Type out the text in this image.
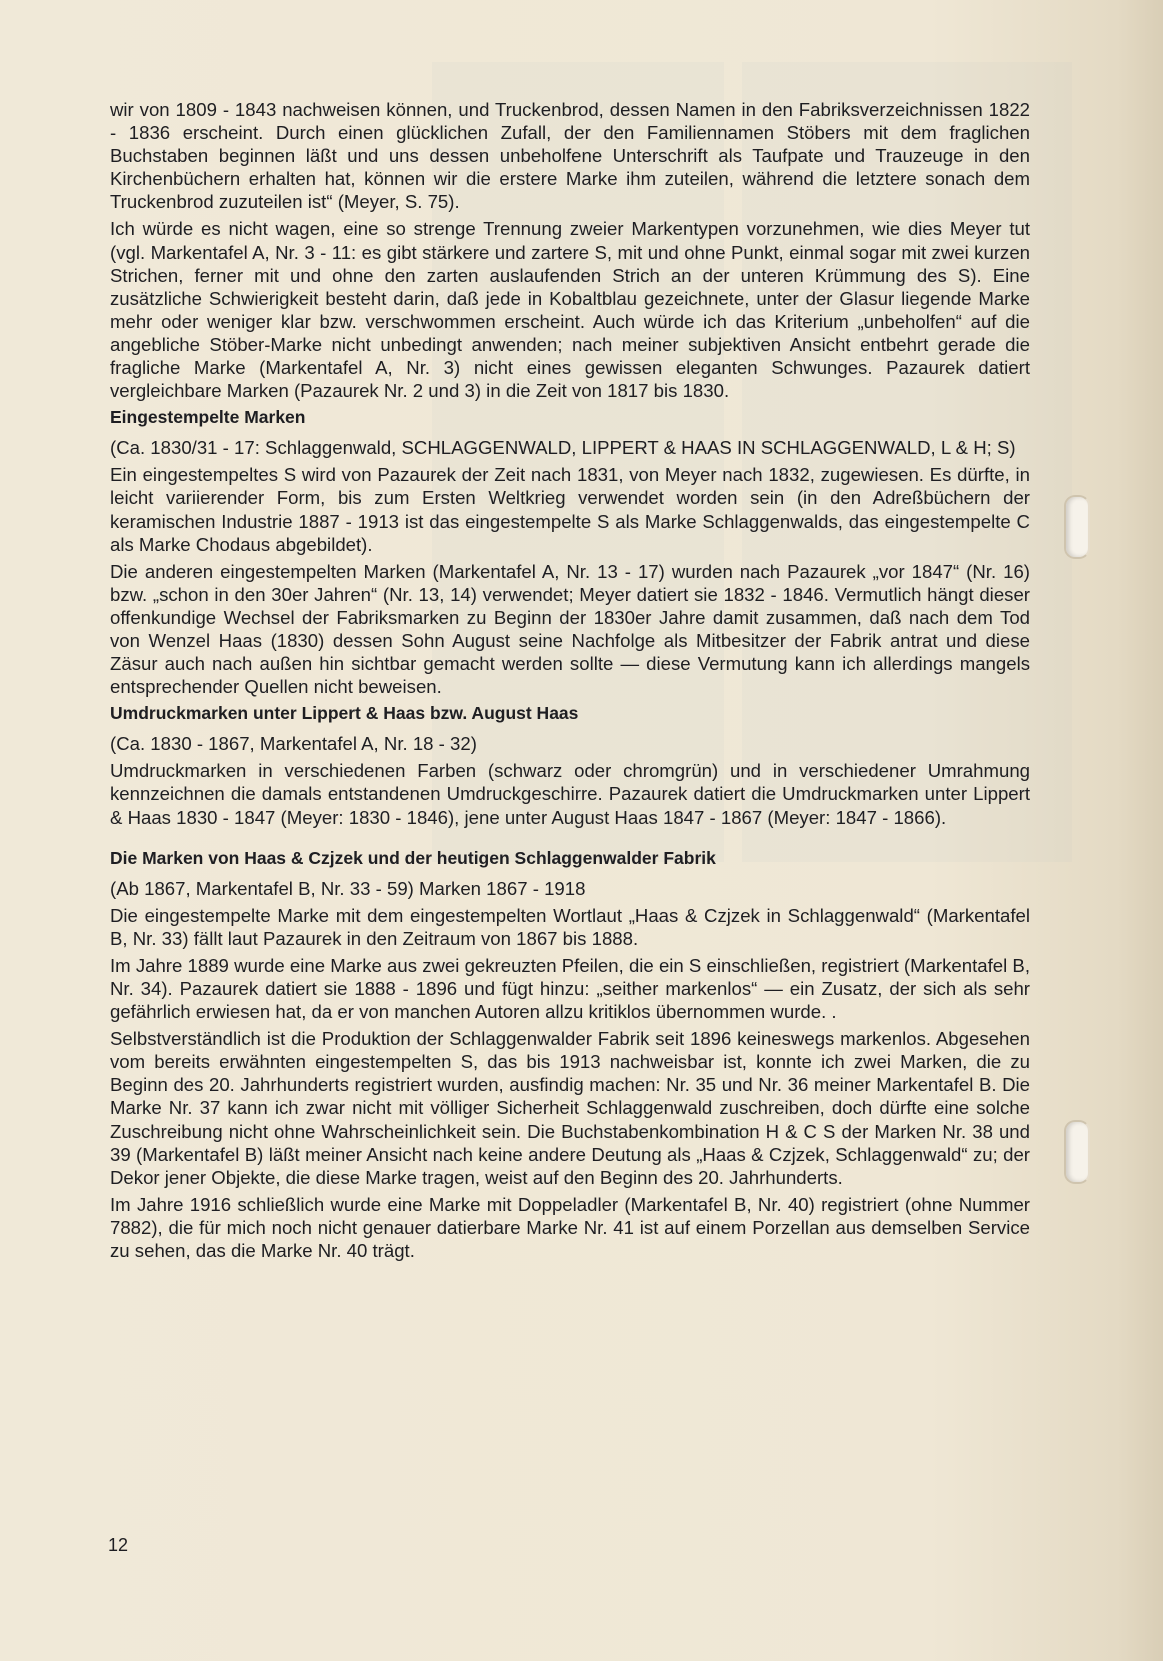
wir von 1809 - 1843 nachweisen können, und Truckenbrod, dessen Namen in den Fabriksverzeichnissen 1822 - 1836 erscheint. Durch einen glücklichen Zufall, der den Familiennamen Stöbers mit dem fraglichen Buchstaben beginnen läßt und uns dessen unbeholfene Unterschrift als Taufpate und Trauzeuge in den Kirchenbüchern erhalten hat, können wir die erstere Marke ihm zuteilen, während die letztere sonach dem Truckenbrod zuzuteilen ist“ (Meyer, S. 75).

Ich würde es nicht wagen, eine so strenge Trennung zweier Markentypen vorzunehmen, wie dies Meyer tut (vgl. Markentafel A, Nr. 3 - 11: es gibt stärkere und zartere S, mit und ohne Punkt, einmal sogar mit zwei kurzen Strichen, ferner mit und ohne den zarten auslaufenden Strich an der unteren Krümmung des S). Eine zusätzliche Schwierigkeit besteht darin, daß jede in Kobaltblau gezeichnete, unter der Glasur liegende Marke mehr oder weniger klar bzw. verschwommen erscheint. Auch würde ich das Kriterium „unbeholfen“ auf die angebliche Stöber-Marke nicht unbedingt anwenden; nach meiner subjektiven Ansicht entbehrt gerade die fragliche Marke (Markentafel A, Nr. 3) nicht eines gewissen eleganten Schwunges. Pazaurek datiert vergleichbare Marken (Pazaurek Nr. 2 und 3) in die Zeit von 1817 bis 1830.

Eingestempelte Marken

(Ca. 1830/31 - 17: Schlaggenwald, SCHLAGGENWALD, LIPPERT & HAAS IN SCHLAGGENWALD, L & H; S)

Ein eingestempeltes S wird von Pazaurek der Zeit nach 1831, von Meyer nach 1832, zugewiesen. Es dürfte, in leicht variierender Form, bis zum Ersten Weltkrieg verwendet worden sein (in den Adreßbüchern der keramischen Industrie 1887 - 1913 ist das eingestempelte S als Marke Schlaggenwalds, das eingestempelte C als Marke Chodaus abgebildet).

Die anderen eingestempelten Marken (Markentafel A, Nr. 13 - 17) wurden nach Pazaurek „vor 1847“ (Nr. 16) bzw. „schon in den 30er Jahren“ (Nr. 13, 14) verwendet; Meyer datiert sie 1832 - 1846. Vermutlich hängt dieser offenkundige Wechsel der Fabriksmarken zu Beginn der 1830er Jahre damit zusammen, daß nach dem Tod von Wenzel Haas (1830) dessen Sohn August seine Nachfolge als Mitbesitzer der Fabrik antrat und diese Zäsur auch nach außen hin sichtbar gemacht werden sollte — diese Vermutung kann ich allerdings mangels entsprechender Quellen nicht beweisen.

Umdruckmarken unter Lippert & Haas bzw. August Haas

(Ca. 1830 - 1867, Markentafel A, Nr. 18 - 32)

Umdruckmarken in verschiedenen Farben (schwarz oder chromgrün) und in verschiedener Umrahmung kennzeichnen die damals entstandenen Umdruckgeschirre. Pazaurek datiert die Umdruckmarken unter Lippert & Haas 1830 - 1847 (Meyer: 1830 - 1846), jene unter August Haas 1847 - 1867 (Meyer: 1847 - 1866).

Die Marken von Haas & Czjzek und der heutigen Schlaggenwalder Fabrik

(Ab 1867, Markentafel B, Nr. 33 - 59) Marken 1867 - 1918

Die eingestempelte Marke mit dem eingestempelten Wortlaut „Haas & Czjzek in Schlaggenwald“ (Markentafel B, Nr. 33) fällt laut Pazaurek in den Zeitraum von 1867 bis 1888.

Im Jahre 1889 wurde eine Marke aus zwei gekreuzten Pfeilen, die ein S einschließen, registriert (Markentafel B, Nr. 34). Pazaurek datiert sie 1888 - 1896 und fügt hinzu: „seither markenlos“ — ein Zusatz, der sich als sehr gefährlich erwiesen hat, da er von manchen Autoren allzu kritiklos übernommen wurde. .

Selbstverständlich ist die Produktion der Schlaggenwalder Fabrik seit 1896 keineswegs markenlos. Abgesehen vom bereits erwähnten eingestempelten S, das bis 1913 nachweisbar ist, konnte ich zwei Marken, die zu Beginn des 20. Jahrhunderts registriert wurden, ausfindig machen: Nr. 35 und Nr. 36 meiner Markentafel B. Die Marke Nr. 37 kann ich zwar nicht mit völliger Sicherheit Schlaggenwald zuschreiben, doch dürfte eine solche Zuschreibung nicht ohne Wahrscheinlichkeit sein. Die Buchstabenkombination H & C S der Marken Nr. 38 und 39 (Markentafel B) läßt meiner Ansicht nach keine andere Deutung als „Haas & Czjzek, Schlaggenwald“ zu; der Dekor jener Objekte, die diese Marke tragen, weist auf den Beginn des 20. Jahrhunderts.

Im Jahre 1916 schließlich wurde eine Marke mit Doppeladler (Markentafel B, Nr. 40) registriert (ohne Nummer 7882), die für mich noch nicht genauer datierbare Marke Nr. 41 ist auf einem Porzellan aus demselben Service zu sehen, das die Marke Nr. 40 trägt.

12
